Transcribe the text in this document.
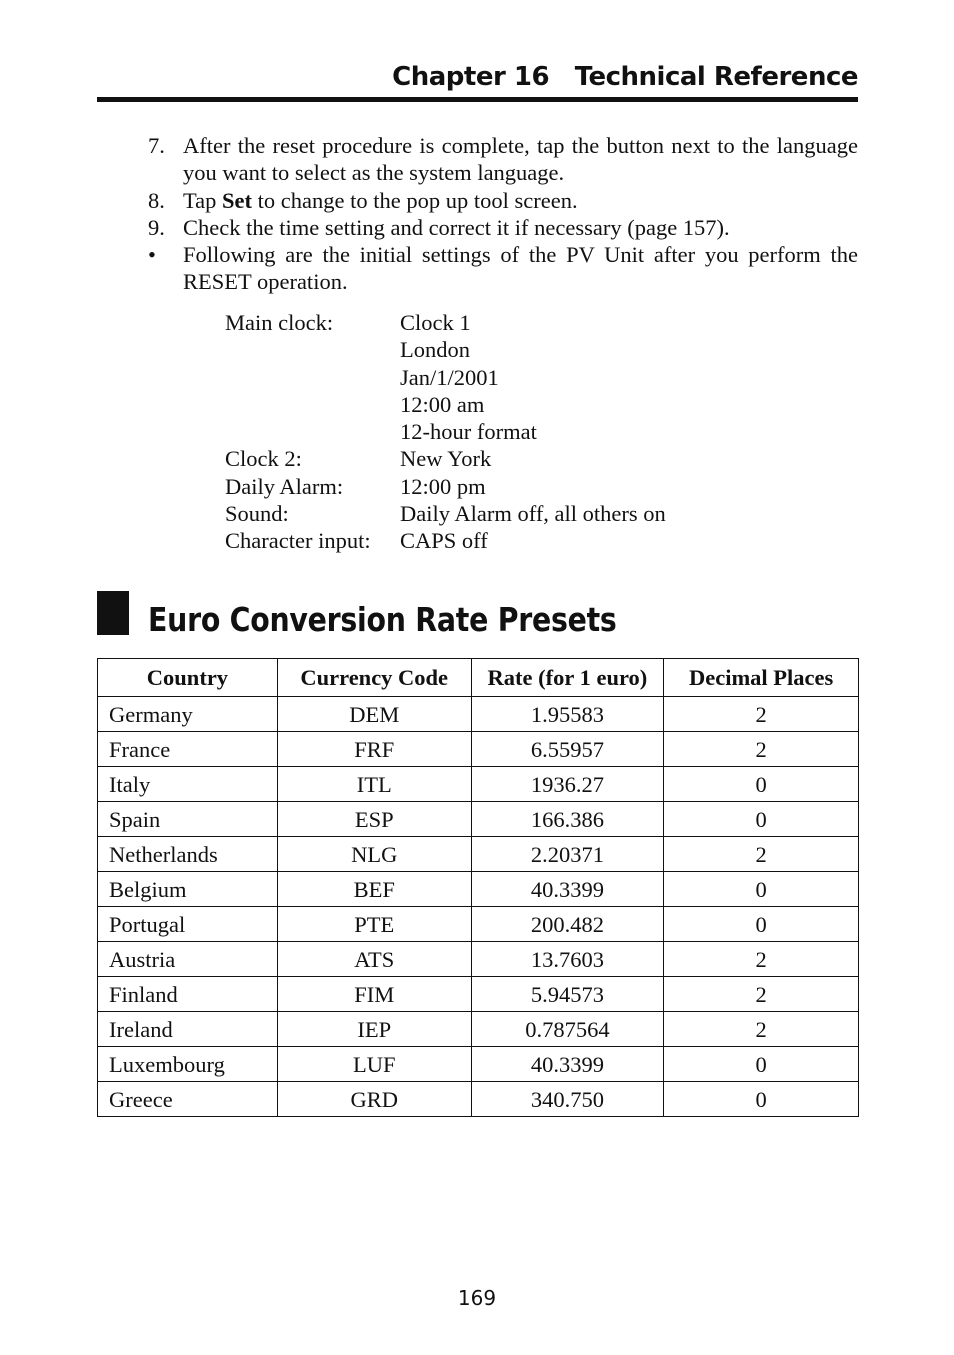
Chapter 16 Technical Reference
7. After the reset procedure is complete, tap the button next to the language you want to select as the system language.
8. Tap Set to change to the pop up tool screen.
9. Check the time setting and correct it if necessary (page 157).
•	Following are the initial settings of the PV Unit after you perform the RESET operation.
Main clock:	Clock 1
London
Jan/1/2001
12:00 am
12-hour format
Clock 2:	New York
Daily Alarm:	12:00 pm
Sound:	Daily Alarm off, all others on
Character input:	CAPS off
Euro Conversion Rate Presets
Country	Currency Code	Rate (for 1 euro)	Decimal Places
Germany	DEM	1.95583	2
France	FRF	6.55957	2
Italy	ITL	1936.27	0
Spain	ESP	166.386	0
Netherlands	NLG	2.20371	2
Belgium	BEF	40.3399	0
Portugal	PTE	200.482	0
Austria	ATS	13.7603	2
Finland	FIM	5.94573	2
Ireland	IEP	0.787564	2
Luxembourg	LUF	40.3399	0
Greece	GRD	340.750	0
169
